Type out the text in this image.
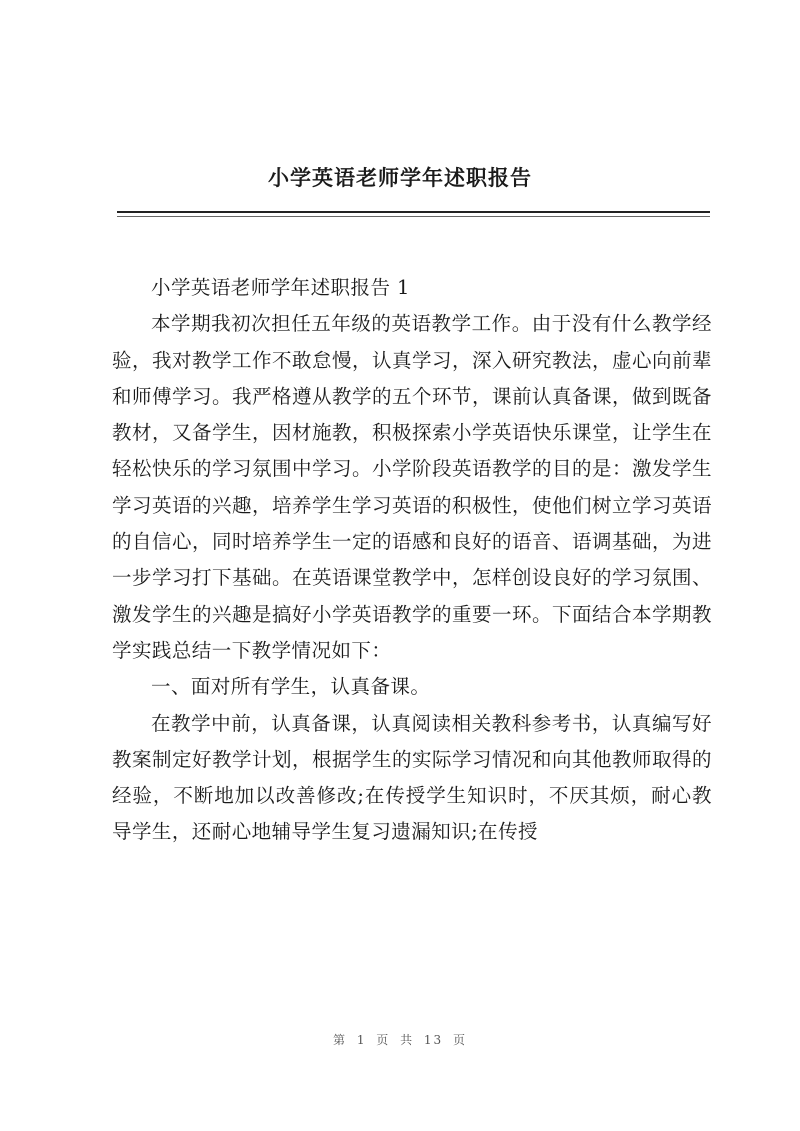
小学英语老师学年述职报告

小学英语老师学年述职报告 1

本学期我初次担任五年级的英语教学工作。由于没有什么教学经验，我对教学工作不敢怠慢，认真学习，深入研究教法，虚心向前辈和师傅学习。我严格遵从教学的五个环节，课前认真备课，做到既备教材，又备学生，因材施教，积极探索小学英语快乐课堂，让学生在轻松快乐的学习氛围中学习。小学阶段英语教学的目的是：激发学生学习英语的兴趣，培养学生学习英语的积极性，使他们树立学习英语的自信心，同时培养学生一定的语感和良好的语音、语调基础，为进一步学习打下基础。在英语课堂教学中，怎样创设良好的学习氛围、激发学生的兴趣是搞好小学英语教学的重要一环。下面结合本学期教学实践总结一下教学情况如下：

一、面对所有学生，认真备课。

在教学中前，认真备课，认真阅读相关教科参考书，认真编写好教案制定好教学计划，根据学生的实际学习情况和向其他教师取得的经验，不断地加以改善修改;在传授学生知识时，不厌其烦，耐心教导学生，还耐心地辅导学生复习遗漏知识;在传授

第 1 页 共 13 页
